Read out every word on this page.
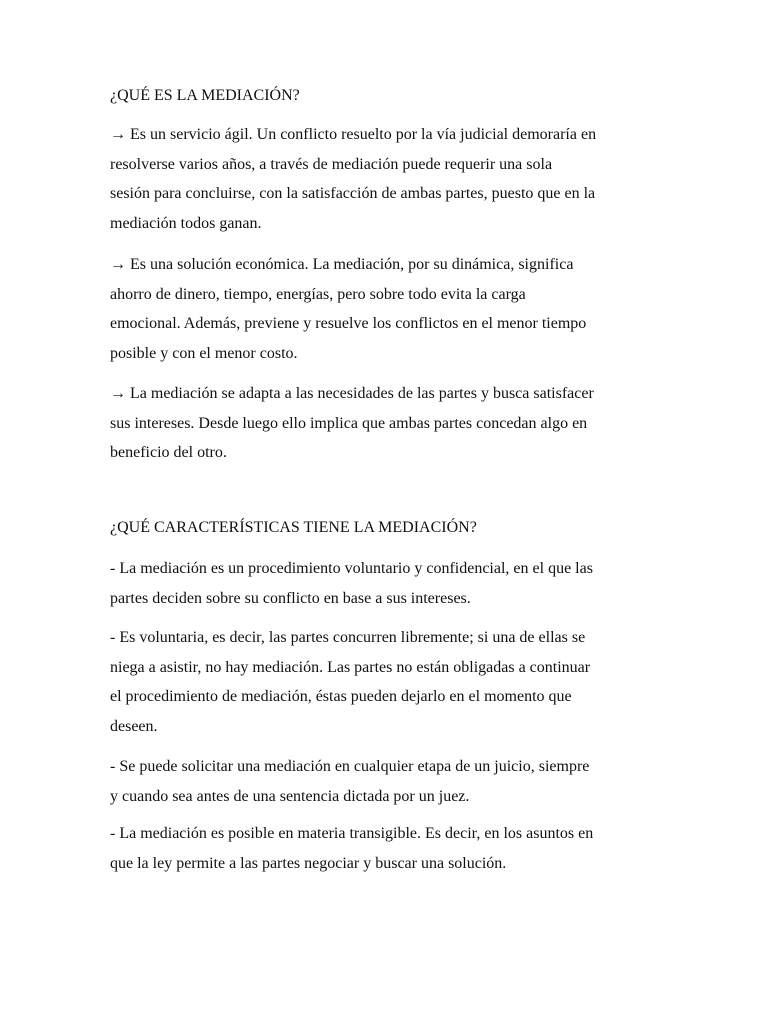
¿QUÉ ES LA MEDIACIÓN?

→ Es un servicio ágil. Un conflicto resuelto por la vía judicial demoraría en
resolverse varios años, a través de mediación puede requerir una sola
sesión para concluirse, con la satisfacción de ambas partes, puesto que en la
mediación todos ganan.

→ Es una solución económica. La mediación, por su dinámica, significa
ahorro de dinero, tiempo, energías, pero sobre todo evita la carga
emocional. Además, previene y resuelve los conflictos en el menor tiempo
posible y con el menor costo.

→ La mediación se adapta a las necesidades de las partes y busca satisfacer
sus intereses. Desde luego ello implica que ambas partes concedan algo en
beneficio del otro.

¿QUÉ CARACTERÍSTICAS TIENE LA MEDIACIÓN?

- La mediación es un procedimiento voluntario y confidencial, en el que las
partes deciden sobre su conflicto en base a sus intereses.

- Es voluntaria, es decir, las partes concurren libremente; si una de ellas se
niega a asistir, no hay mediación. Las partes no están obligadas a continuar
el procedimiento de mediación, éstas pueden dejarlo en el momento que
deseen.

- Se puede solicitar una mediación en cualquier etapa de un juicio, siempre
y cuando sea antes de una sentencia dictada por un juez.

- La mediación es posible en materia transigible. Es decir, en los asuntos en
que la ley permite a las partes negociar y buscar una solución.
